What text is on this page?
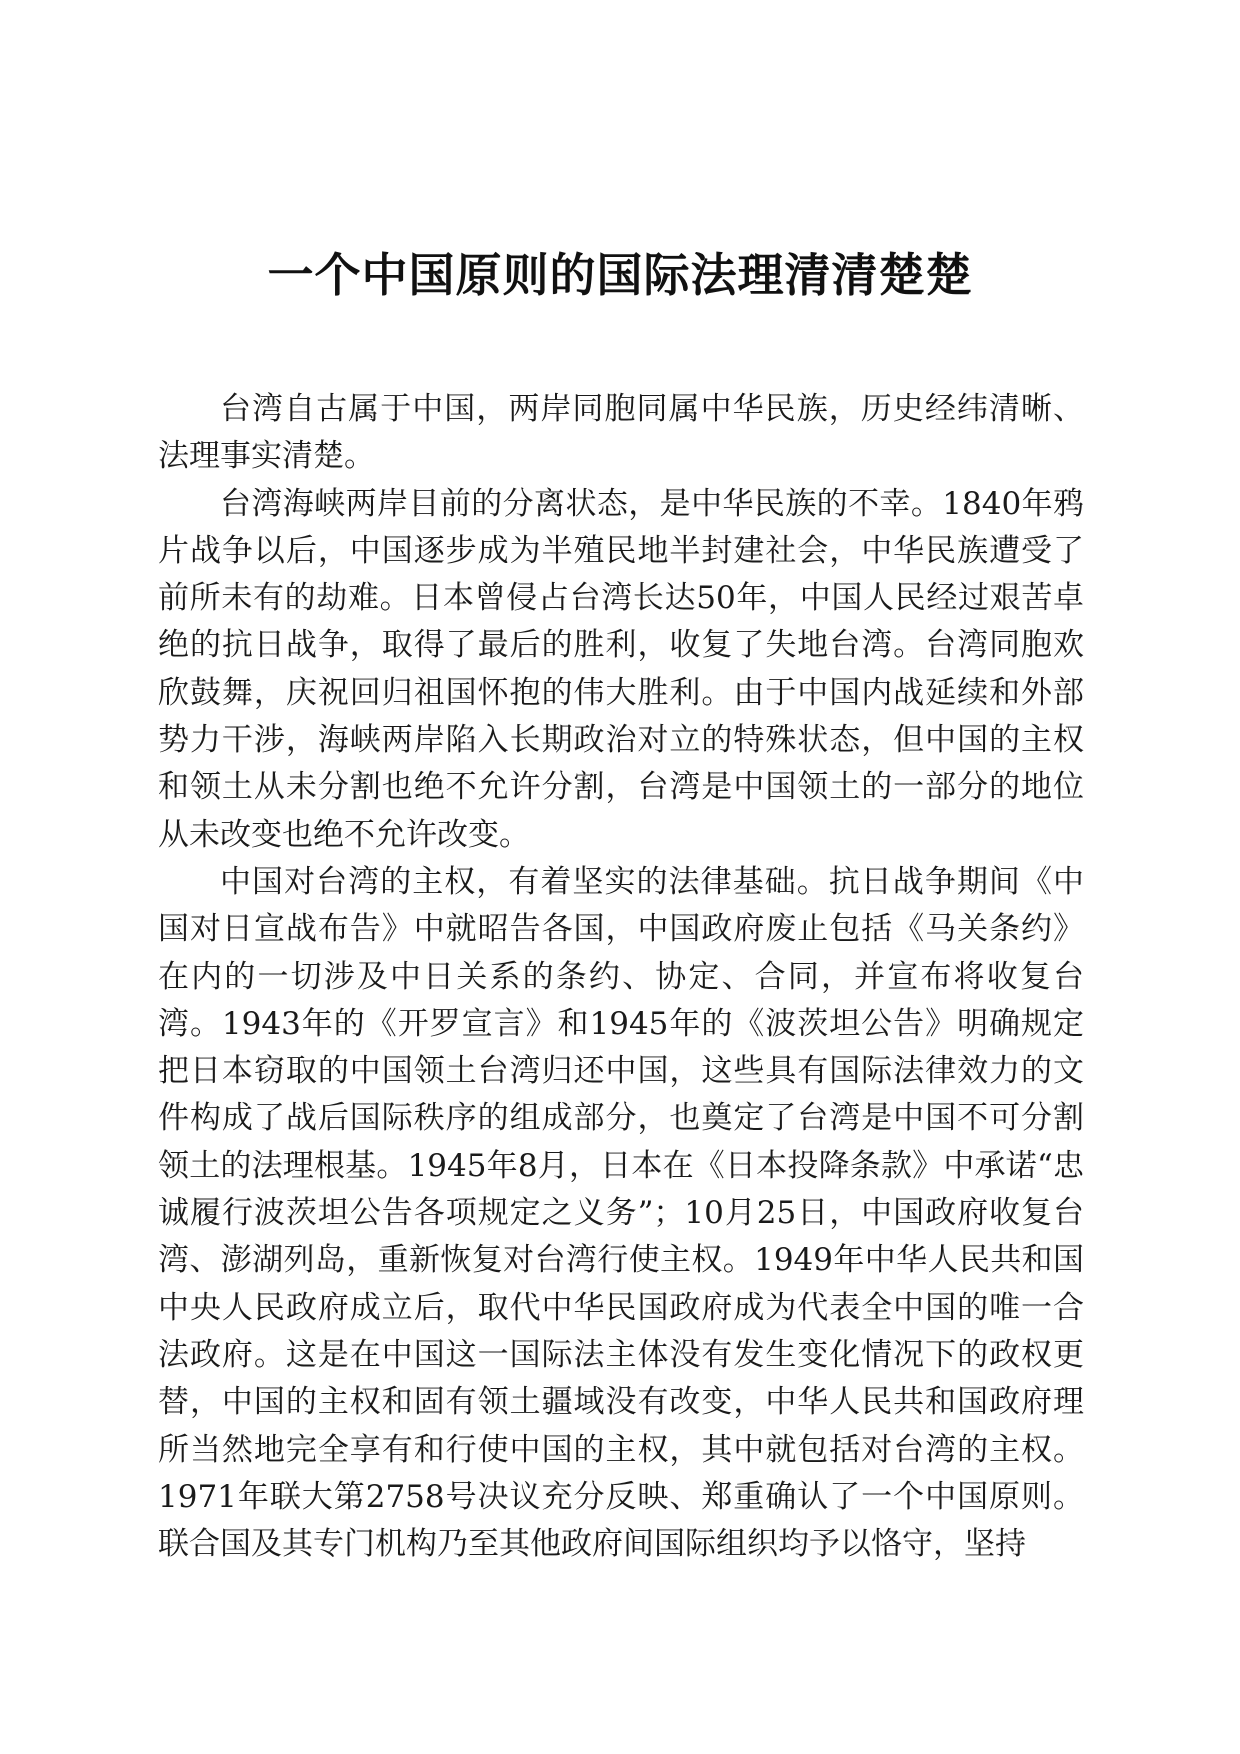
一个中国原则的国际法理清清楚楚

台湾自古属于中国，两岸同胞同属中华民族，历史经纬清晰、法理事实清楚。

台湾海峡两岸目前的分离状态，是中华民族的不幸。1840年鸦片战争以后，中国逐步成为半殖民地半封建社会，中华民族遭受了前所未有的劫难。日本曾侵占台湾长达50年，中国人民经过艰苦卓绝的抗日战争，取得了最后的胜利，收复了失地台湾。台湾同胞欢欣鼓舞，庆祝回归祖国怀抱的伟大胜利。由于中国内战延续和外部势力干涉，海峡两岸陷入长期政治对立的特殊状态，但中国的主权和领土从未分割也绝不允许分割，台湾是中国领土的一部分的地位从未改变也绝不允许改变。

中国对台湾的主权，有着坚实的法律基础。抗日战争期间《中国对日宣战布告》中就昭告各国，中国政府废止包括《马关条约》在内的一切涉及中日关系的条约、协定、合同，并宣布将收复台湾。1943年的《开罗宣言》和1945年的《波茨坦公告》明确规定把日本窃取的中国领土台湾归还中国，这些具有国际法律效力的文件构成了战后国际秩序的组成部分，也奠定了台湾是中国不可分割领土的法理根基。1945年8月，日本在《日本投降条款》中承诺“忠诚履行波茨坦公告各项规定之义务”；10月25日，中国政府收复台湾、澎湖列岛，重新恢复对台湾行使主权。1949年中华人民共和国中央人民政府成立后，取代中华民国政府成为代表全中国的唯一合法政府。这是在中国这一国际法主体没有发生变化情况下的政权更替，中国的主权和固有领土疆域没有改变，中华人民共和国政府理所当然地完全享有和行使中国的主权，其中就包括对台湾的主权。1971年联大第2758号决议充分反映、郑重确认了一个中国原则。联合国及其专门机构乃至其他政府间国际组织均予以恪守，坚持
